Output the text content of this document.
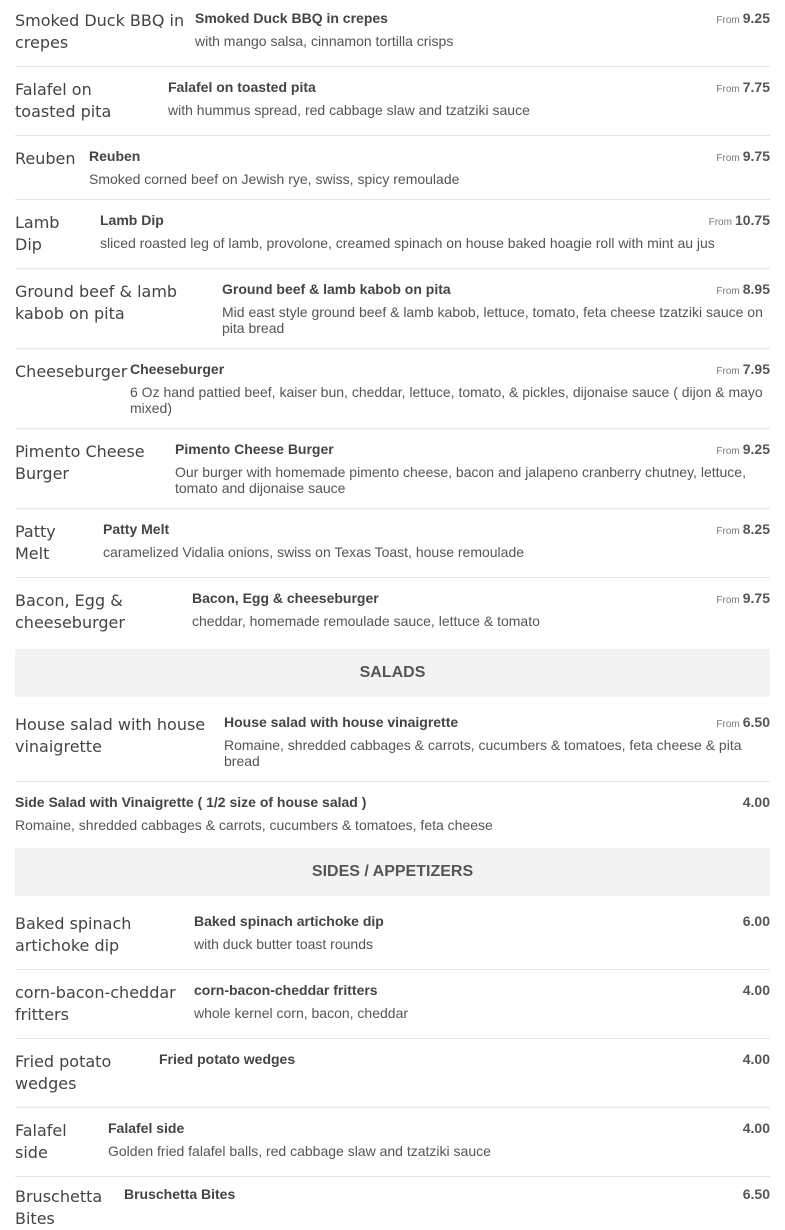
Smoked Duck BBQ in crepes
Smoked Duck BBQ in crepes
with mango salsa, cinnamon tortilla crisps
From 9.25
Falafel on toasted pita
Falafel on toasted pita
with hummus spread, red cabbage slaw and tzatziki sauce
From 7.75
Reuben Reuben
Smoked corned beef on Jewish rye, swiss, spicy remoulade
From 9.75
Lamb Dip
Lamb Dip
sliced roasted leg of lamb, provolone, creamed spinach on house baked hoagie roll with mint au jus
From 10.75
Ground beef & lamb kabob on pita
Ground beef & lamb kabob on pita
Mid east style ground beef & lamb kabob, lettuce, tomato, feta cheese tzatziki sauce on pita bread
From 8.95
Cheeseburger Cheeseburger
6 Oz hand pattied beef, kaiser bun, cheddar, lettuce, tomato, & pickles, dijonaise sauce ( dijon & mayo mixed)
From 7.95
Pimento Cheese Burger
Pimento Cheese Burger
Our burger with homemade pimento cheese, bacon and jalapeno cranberry chutney, lettuce, tomato and dijonaise sauce
From 9.25
Patty Melt
Patty Melt
caramelized Vidalia onions, swiss on Texas Toast, house remoulade
From 8.25
Bacon, Egg & cheeseburger
Bacon, Egg & cheeseburger
cheddar, homemade remoulade sauce, lettuce & tomato
From 9.75
SALADS
House salad with house vinaigrette
House salad with house vinaigrette
Romaine, shredded cabbages & carrots, cucumbers & tomatoes, feta cheese & pita bread
From 6.50
Side Salad with Vinaigrette ( 1/2 size of house salad )
Romaine, shredded cabbages & carrots, cucumbers & tomatoes, feta cheese
4.00
SIDES / APPETIZERS
Baked spinach artichoke dip
Baked spinach artichoke dip
with duck butter toast rounds
6.00
corn-bacon-cheddar fritters
corn-bacon-cheddar fritters
whole kernel corn, bacon, cheddar
4.00
Fried potato wedges
Fried potato wedges	4.00
Falafel side
Falafel side
Golden fried falafel balls, red cabbage slaw and tzatziki sauce
4.00
Bruschetta Bites
Bruschetta Bites	6.50
